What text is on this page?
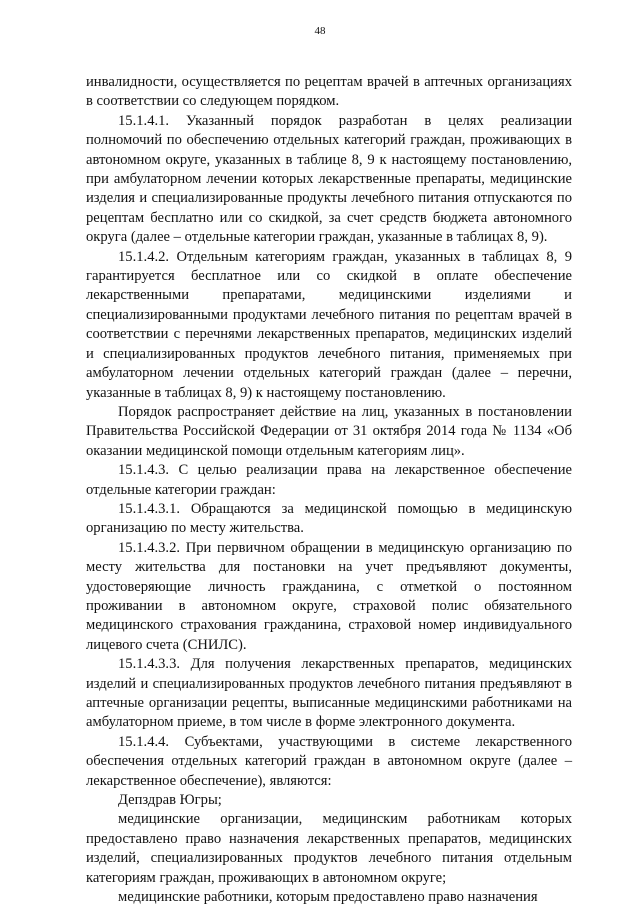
48

инвалидности, осуществляется по рецептам врачей в аптечных организациях в соответствии со следующем порядком.

15.1.4.1. Указанный порядок разработан в целях реализации полномочий по обеспечению отдельных категорий граждан, проживающих в автономном округе, указанных в таблице 8, 9 к настоящему постановлению, при амбулаторном лечении которых лекарственные препараты, медицинские изделия и специализированные продукты лечебного питания отпускаются по рецептам бесплатно или со скидкой, за счет средств бюджета автономного округа (далее – отдельные категории граждан, указанные в таблицах 8, 9).

15.1.4.2. Отдельным категориям граждан, указанных в таблицах 8, 9 гарантируется бесплатное или со скидкой в оплате обеспечение лекарственными препаратами, медицинскими изделиями и специализированными продуктами лечебного питания по рецептам врачей в соответствии с перечнями лекарственных препаратов, медицинских изделий и специализированных продуктов лечебного питания, применяемых при амбулаторном лечении отдельных категорий граждан (далее – перечни, указанные в таблицах 8, 9) к настоящему постановлению.

Порядок распространяет действие на лиц, указанных в постановлении Правительства Российской Федерации от 31 октября 2014 года № 1134 «Об оказании медицинской помощи отдельным категориям лиц».

15.1.4.3. С целью реализации права на лекарственное обеспечение отдельные категории граждан:

15.1.4.3.1. Обращаются за медицинской помощью в медицинскую организацию по месту жительства.

15.1.4.3.2. При первичном обращении в медицинскую организацию по месту жительства для постановки на учет предъявляют документы, удостоверяющие личность гражданина, с отметкой о постоянном проживании в автономном округе, страховой полис обязательного медицинского страхования гражданина, страховой номер индивидуального лицевого счета (СНИЛС).

15.1.4.3.3. Для получения лекарственных препаратов, медицинских изделий и специализированных продуктов лечебного питания предъявляют в аптечные организации рецепты, выписанные медицинскими работниками на амбулаторном приеме, в том числе в форме электронного документа.

15.1.4.4. Субъектами, участвующими в системе лекарственного обеспечения отдельных категорий граждан в автономном округе (далее – лекарственное обеспечение), являются:

Депздрав Югры;

медицинские организации, медицинским работникам которых предоставлено право назначения лекарственных препаратов, медицинских изделий, специализированных продуктов лечебного питания отдельным категориям граждан, проживающих в автономном округе;

медицинские работники, которым предоставлено право назначения
